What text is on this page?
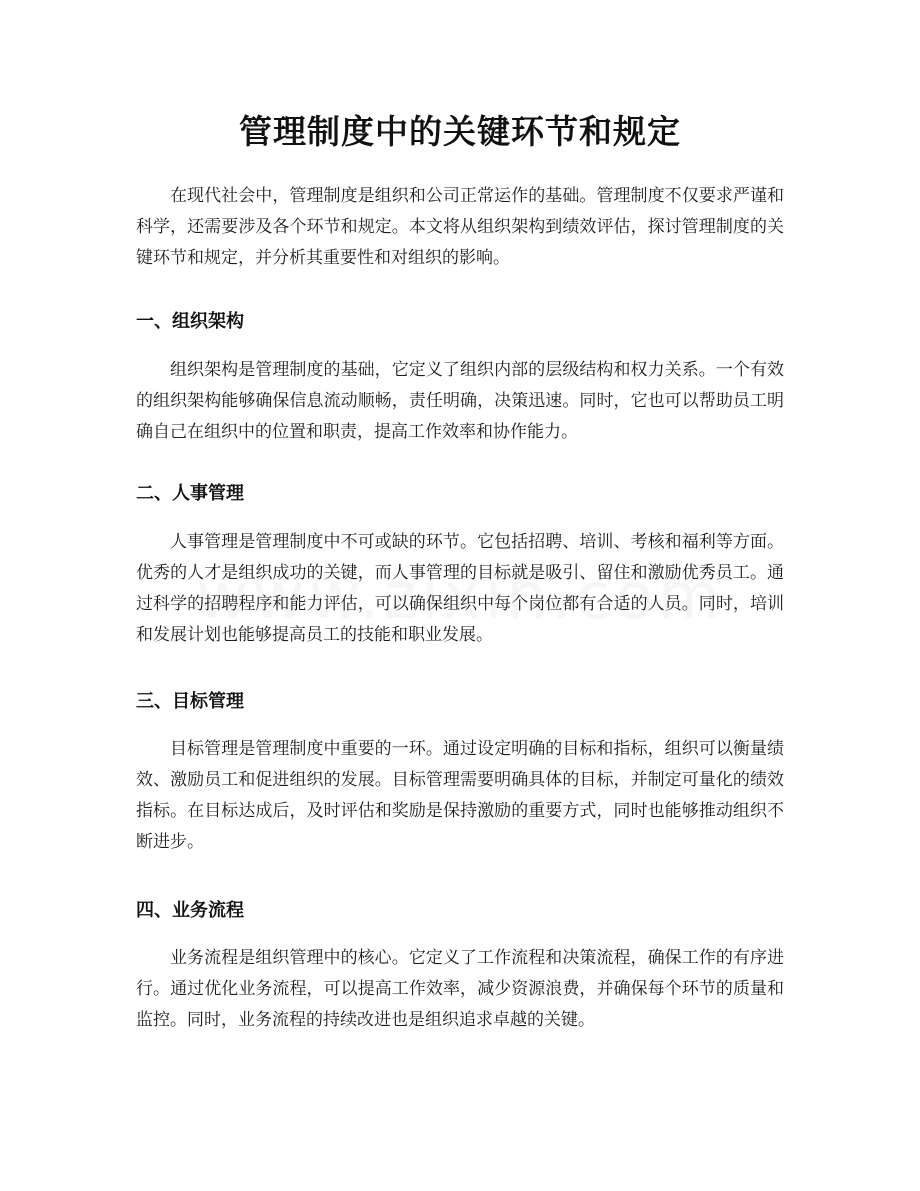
管理制度中的关键环节和规定

在现代社会中，管理制度是组织和公司正常运作的基础。管理制度不仅要求严谨和科学，还需要涉及各个环节和规定。本文将从组织架构到绩效评估，探讨管理制度的关键环节和规定，并分析其重要性和对组织的影响。

一、组织架构

组织架构是管理制度的基础，它定义了组织内部的层级结构和权力关系。一个有效的组织架构能够确保信息流动顺畅，责任明确，决策迅速。同时，它也可以帮助员工明确自己在组织中的位置和职责，提高工作效率和协作能力。

二、人事管理

人事管理是管理制度中不可或缺的环节。它包括招聘、培训、考核和福利等方面。优秀的人才是组织成功的关键，而人事管理的目标就是吸引、留住和激励优秀员工。通过科学的招聘程序和能力评估，可以确保组织中每个岗位都有合适的人员。同时，培训和发展计划也能够提高员工的技能和职业发展。

三、目标管理

目标管理是管理制度中重要的一环。通过设定明确的目标和指标，组织可以衡量绩效、激励员工和促进组织的发展。目标管理需要明确具体的目标，并制定可量化的绩效指标。在目标达成后，及时评估和奖励是保持激励的重要方式，同时也能够推动组织不断进步。

四、业务流程

业务流程是组织管理中的核心。它定义了工作流程和决策流程，确保工作的有序进行。通过优化业务流程，可以提高工作效率，减少资源浪费，并确保每个环节的质量和监控。同时，业务流程的持续改进也是组织追求卓越的关键。
